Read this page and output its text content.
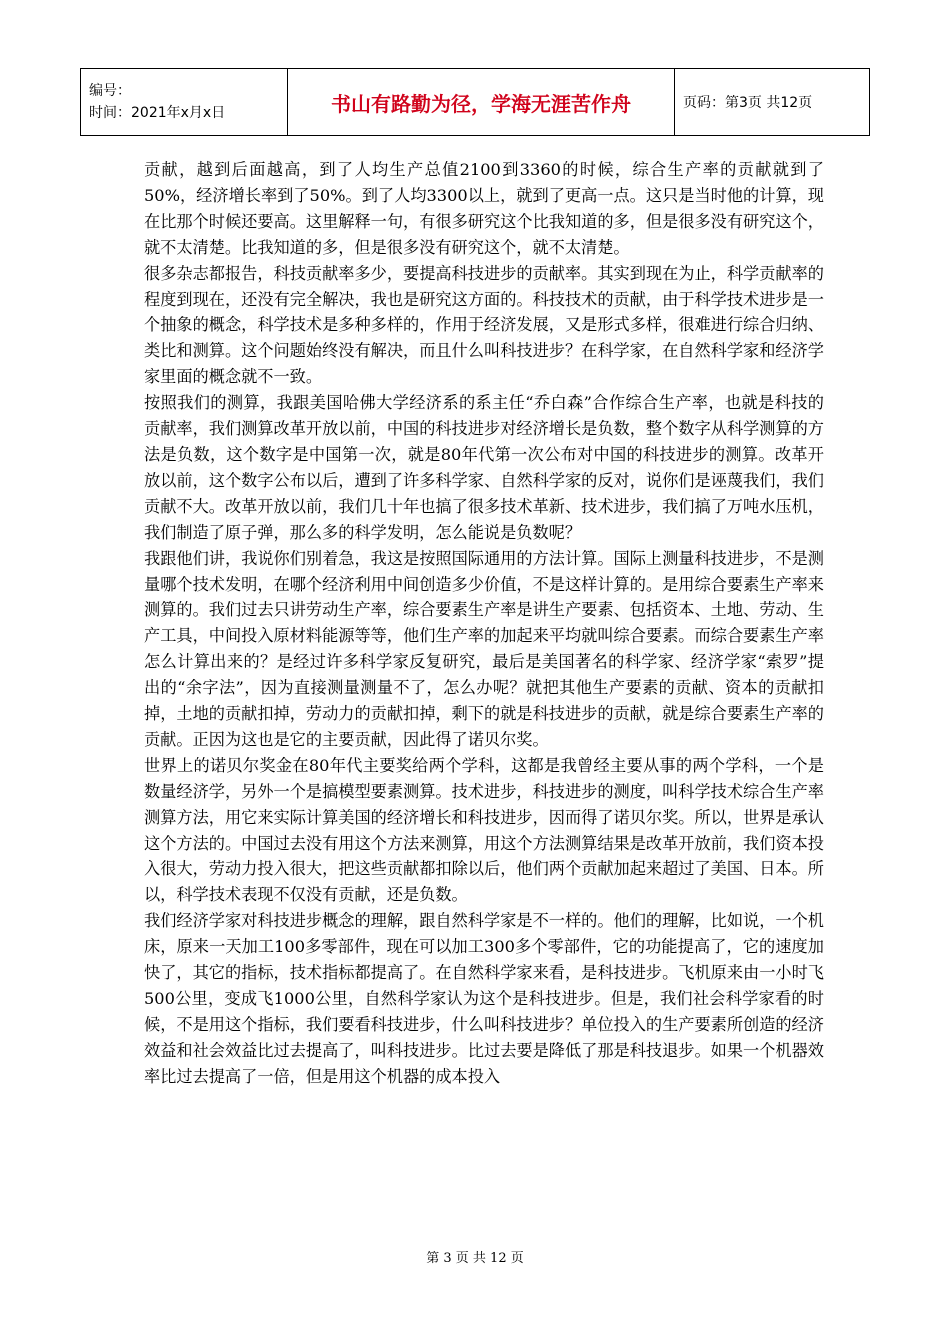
编号：
时间：2021年x月x日	书山有路勤为径，学海无涯苦作舟	页码：第3页 共12页

贡献，越到后面越高，到了人均生产总值2100到3360的时候，综合生产率的贡献就到了50%，经济增长率到了50%。到了人均3300以上，就到了更高一点。这只是当时他的计算，现在比那个时候还要高。这里解释一句，有很多研究这个比我知道的多，但是很多没有研究这个，就不太清楚。比我知道的多，但是很多没有研究这个，就不太清楚。

很多杂志都报告，科技贡献率多少，要提高科技进步的贡献率。其实到现在为止，科学贡献率的程度到现在，还没有完全解决，我也是研究这方面的。科技技术的贡献，由于科学技术进步是一个抽象的概念，科学技术是多种多样的，作用于经济发展，又是形式多样，很难进行综合归纳、类比和测算。这个问题始终没有解决，而且什么叫科技进步？在科学家，在自然科学家和经济学家里面的概念就不一致。

按照我们的测算，我跟美国哈佛大学经济系的系主任“乔白森”合作综合生产率，也就是科技的贡献率，我们测算改革开放以前，中国的科技进步对经济增长是负数，整个数字从科学测算的方法是负数，这个数字是中国第一次，就是80年代第一次公布对中国的科技进步的测算。改革开放以前，这个数字公布以后，遭到了许多科学家、自然科学家的反对，说你们是诬蔑我们，我们贡献不大。改革开放以前，我们几十年也搞了很多技术革新、技术进步，我们搞了万吨水压机，我们制造了原子弹，那么多的科学发明，怎么能说是负数呢？

我跟他们讲，我说你们别着急，我这是按照国际通用的方法计算。国际上测量科技进步，不是测量哪个技术发明，在哪个经济利用中间创造多少价值，不是这样计算的。是用综合要素生产率来测算的。我们过去只讲劳动生产率，综合要素生产率是讲生产要素、包括资本、土地、劳动、生产工具，中间投入原材料能源等等，他们生产率的加起来平均就叫综合要素。而综合要素生产率怎么计算出来的？是经过许多科学家反复研究，最后是美国著名的科学家、经济学家“索罗”提出的“余字法”，因为直接测量测量不了，怎么办呢？就把其他生产要素的贡献、资本的贡献扣掉，土地的贡献扣掉，劳动力的贡献扣掉，剩下的就是科技进步的贡献，就是综合要素生产率的贡献。正因为这也是它的主要贡献，因此得了诺贝尔奖。

世界上的诺贝尔奖金在80年代主要奖给两个学科，这都是我曾经主要从事的两个学科，一个是数量经济学，另外一个是搞模型要素测算。技术进步，科技进步的测度，叫科学技术综合生产率测算方法，用它来实际计算美国的经济增长和科技进步，因而得了诺贝尔奖。所以，世界是承认这个方法的。中国过去没有用这个方法来测算，用这个方法测算结果是改革开放前，我们资本投入很大，劳动力投入很大，把这些贡献都扣除以后，他们两个贡献加起来超过了美国、日本。所以，科学技术表现不仅没有贡献，还是负数。

我们经济学家对科技进步概念的理解，跟自然科学家是不一样的。他们的理解，比如说，一个机床，原来一天加工100多零部件，现在可以加工300多个零部件，它的功能提高了，它的速度加快了，其它的指标，技术指标都提高了。在自然科学家来看，是科技进步。飞机原来由一小时飞500公里，变成飞1000公里，自然科学家认为这个是科技进步。但是，我们社会科学家看的时候，不是用这个指标，我们要看科技进步，什么叫科技进步？单位投入的生产要素所创造的经济效益和社会效益比过去提高了，叫科技进步。比过去要是降低了那是科技退步。如果一个机器效率比过去提高了一倍，但是用这个机器的成本投入

第 3 页 共 12 页
